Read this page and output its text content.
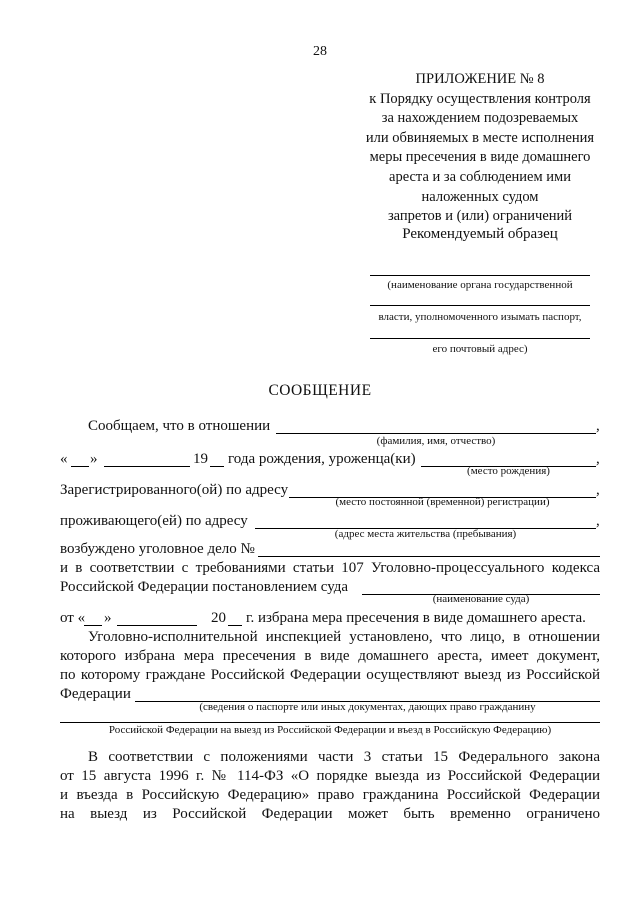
28
ПРИЛОЖЕНИЕ № 8
к Порядку осуществления контроля
за нахождением подозреваемых
или обвиняемых в месте исполнения
меры пресечения в виде домашнего
ареста и за соблюдением ими
наложенных судом
запретов и (или) ограничений
Рекомендуемый образец
(наименование органа государственной
власти, уполномоченного изымать паспорт,
его почтовый адрес)
СООБЩЕНИЕ
Сообщаем, что в отношении	,
(фамилия, имя, отчество)
« »	19 года рождения, уроженца(ки)	,
(место рождения)
Зарегистрированного(ой) по адресу	,
(место постоянной (временной) регистрации)
проживающего(ей) по адресу	,
(адрес места жительства (пребывания)
возбуждено уголовное дело №
и в соответствии с требованиями статьи 107 Уголовно-процессуального кодекса
Российской Федерации постановлением суда
(наименование суда)
от « »	20 г. избрана мера пресечения в виде домашнего ареста.
Уголовно-исполнительной инспекцией установлено, что лицо, в отношении
которого избрана мера пресечения в виде домашнего ареста, имеет документ,
по которому граждане Российской Федерации осуществляют выезд из Российской
Федерации
(сведения о паспорте или иных документах, дающих право гражданину
Российской Федерации на выезд из Российской Федерации и въезд в Российскую Федерацию)
В соответствии с положениями части 3 статьи 15 Федерального закона
от 15 августа 1996 г. № 114-ФЗ «О порядке выезда из Российской Федерации
и въезда в Российскую Федерацию» право гражданина Российской Федерации
на выезд из Российской Федерации может быть временно ограничено
